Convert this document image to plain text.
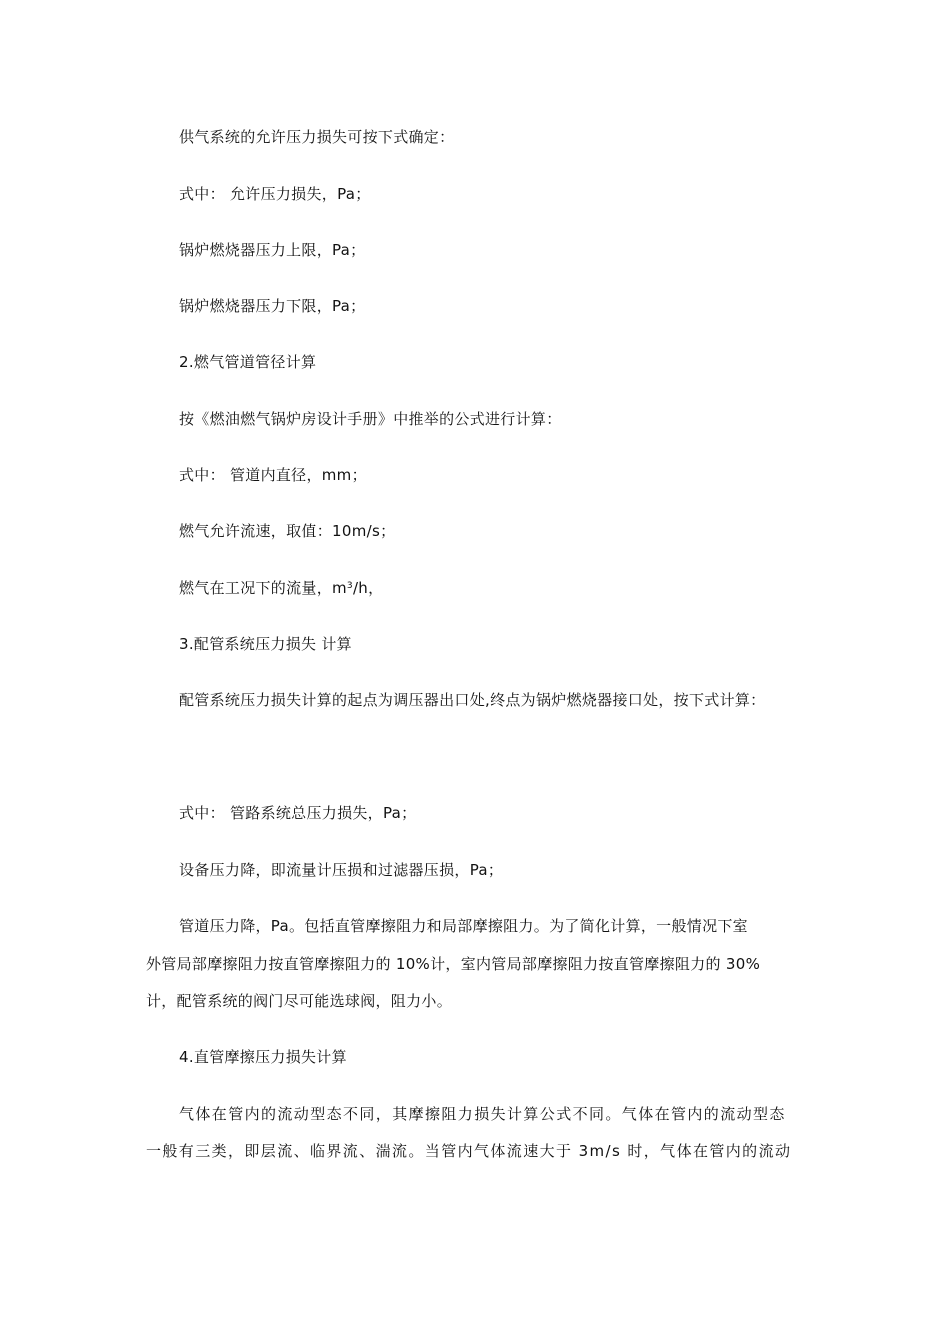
供气系统的允许压力损失可按下式确定：
式中： 允许压力损失，Pa；
锅炉燃烧器压力上限，Pa；
锅炉燃烧器压力下限，Pa；
2.燃气管道管径计算
按《燃油燃气锅炉房设计手册》中推举的公式进行计算：
式中： 管道内直径，mm；
燃气允许流速，取值：10m/s；
燃气在工况下的流量，$m^3/h$，
3.配管系统压力损失 计算
配管系统压力损失计算的起点为调压器出口处,终点为锅炉燃烧器接口处，按下式计算：
式中： 管路系统总压力损失，Pa；
设备压力降，即流量计压损和过滤器压损，Pa；
管道压力降，Pa。包括直管摩擦阻力和局部摩擦阻力。为了简化计算，一般情况下室
外管局部摩擦阻力按直管摩擦阻力的 10%计，室内管局部摩擦阻力按直管摩擦阻力的 30%
计，配管系统的阀门尽可能选球阀，阻力小。
4.直管摩擦压力损失计算
气体在管内的流动型态不同，其摩擦阻力损失计算公式不同。气体在管内的流动型态
一般有三类，即层流、临界流、湍流。当管内气体流速大于 3m/s 时，气体在管内的流动
